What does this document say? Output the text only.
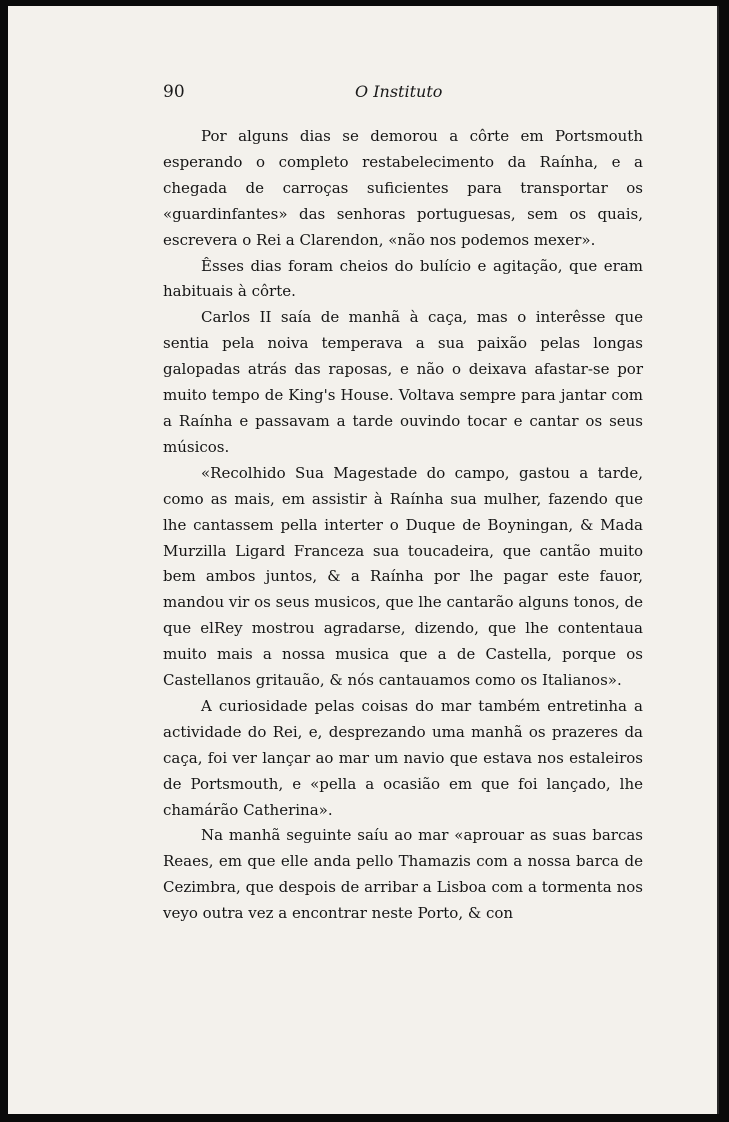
90	O Instituto

Por alguns dias se demorou a côrte em Portsmouth esperando o completo restabelecimento da Raínha, e a chegada de carroças suficientes para transportar os «guardinfantes» das senhoras portuguesas, sem os quais, escrevera o Rei a Clarendon, «não nos podemos mexer».

Êsses dias foram cheios do bulício e agitação, que eram habituais à côrte.

Carlos II saía de manhã à caça, mas o interêsse que sentia pela noiva temperava a sua paixão pelas longas galopadas atrás das raposas, e não o deixava afastar-se por muito tempo de King's House. Voltava sempre para jantar com a Raínha e passavam a tarde ouvindo tocar e cantar os seus músicos.

«Recolhido Sua Magestade do campo, gastou a tarde, como as mais, em assistir à Raínha sua mulher, fazendo que lhe cantassem pella interter o Duque de Boyningan, & Mada Murzilla Ligard Franceza sua toucadeira, que cantão muito bem ambos juntos, & a Raínha por lhe pagar este fauor, mandou vir os seus musicos, que lhe cantarão alguns tonos, de que elRey mostrou agradarse, dizendo, que lhe contentaua muito mais a nossa musica que a de Castella, porque os Castellanos gritauão, & nós cantauamos como os Italianos».

A curiosidade pelas coisas do mar também entretinha a actividade do Rei, e, desprezando uma manhã os prazeres da caça, foi ver lançar ao mar um navio que estava nos estaleiros de Portsmouth, e «pella a ocasião em que foi lançado, lhe chamárão Catherina».

Na manhã seguinte saíu ao mar «aprouar as suas barcas Reaes, em que elle anda pello Thamazis com a nossa barca de Cezimbra, que despois de arribar a Lisboa com a tormenta nos veyo outra vez a encontrar neste Porto, & con
